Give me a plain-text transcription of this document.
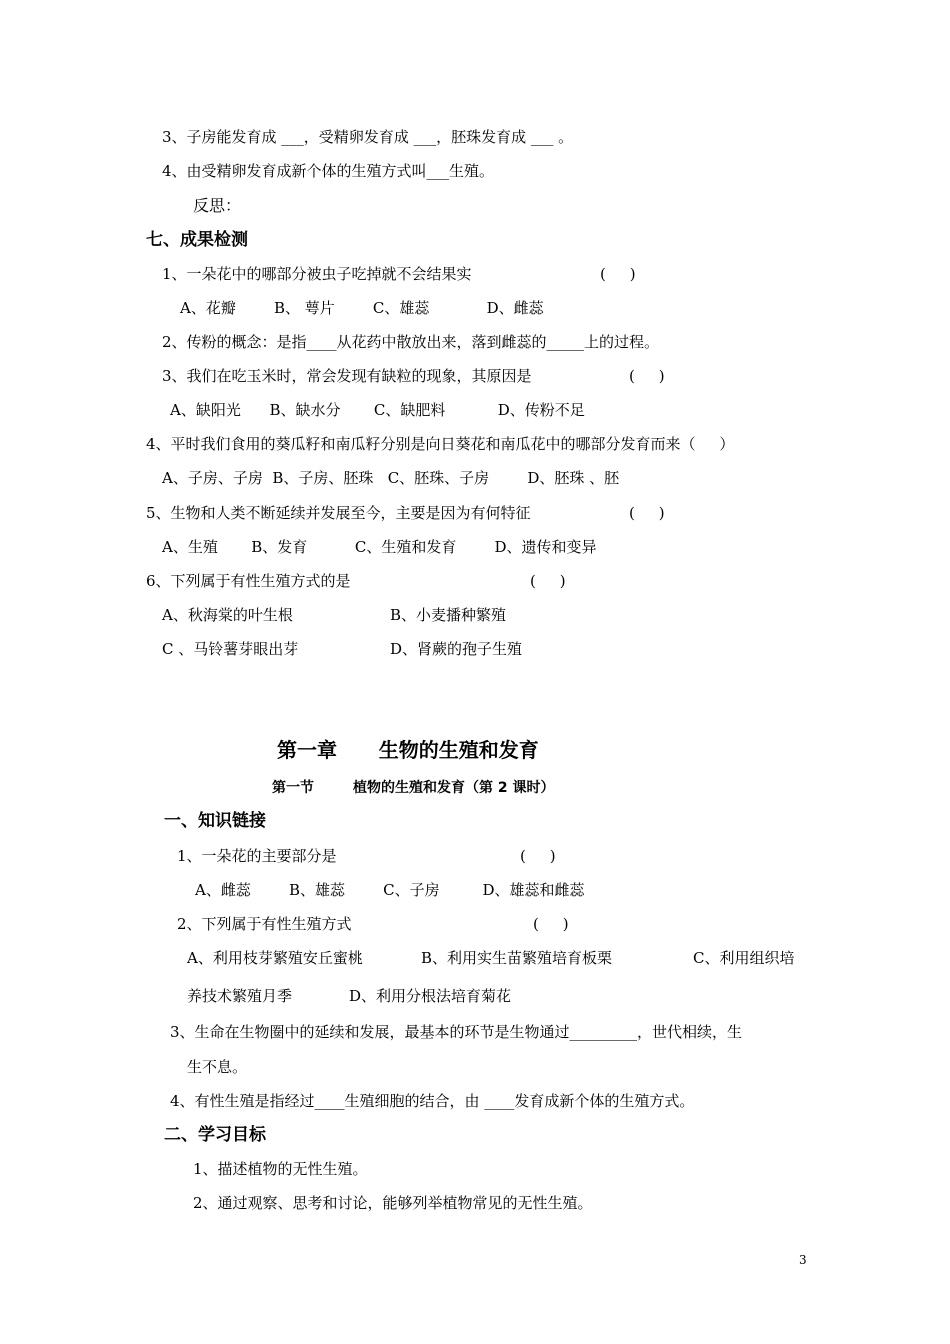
3、子房能发育成 ___，受精卵发育成 ___，胚珠发育成 ___ 。
4、由受精卵发育成新个体的生殖方式叫___生殖。
反思：
七、成果检测
1、一朵花中的哪部分被虫子吃掉就不会结果实	(     )
A、花瓣        B、 萼片        C、雄蕊            D、雌蕊
2、传粉的概念：是指____从花药中散放出来，落到雌蕊的_____上的过程。
3、我们在吃玉米时，常会发现有缺粒的现象，其原因是	(     )
A、缺阳光      B、缺水分       C、缺肥料           D、传粉不足
4、平时我们食用的葵瓜籽和南瓜籽分别是向日葵花和南瓜花中的哪部分发育而来（     ）
A、子房、子房  B、子房、胚珠   C、胚珠、子房        D、胚珠 、胚
5、生物和人类不断延续并发展至今，主要是因为有何特征	(     )
A、生殖       B、发育          C、生殖和发育        D、遗传和变异
6、下列属于有性生殖方式的是	(     )
A、秋海棠的叶生根	B、小麦播种繁殖
C 、马铃薯芽眼出芽	D、肾蕨的孢子生殖
第一章      生物的生殖和发育
第一节        植物的生殖和发育（第 2 课时）
一、知识链接
1、一朵花的主要部分是	(     )
A、雌蕊        B、雄蕊        C、子房         D、雄蕊和雌蕊
2、下列属于有性生殖方式	(     )
A、利用枝芽繁殖安丘蜜桃	B、利用实生苗繁殖培育板栗	C、利用组织培
养技术繁殖月季	D、利用分根法培育菊花
3、生命在生物圈中的延续和发展，最基本的环节是生物通过_________，世代相续，生
生不息。
4、有性生殖是指经过____生殖细胞的结合，由 ____发育成新个体的生殖方式。
二、学习目标
1、描述植物的无性生殖。
2、通过观察、思考和讨论，能够列举植物常见的无性生殖。
3
